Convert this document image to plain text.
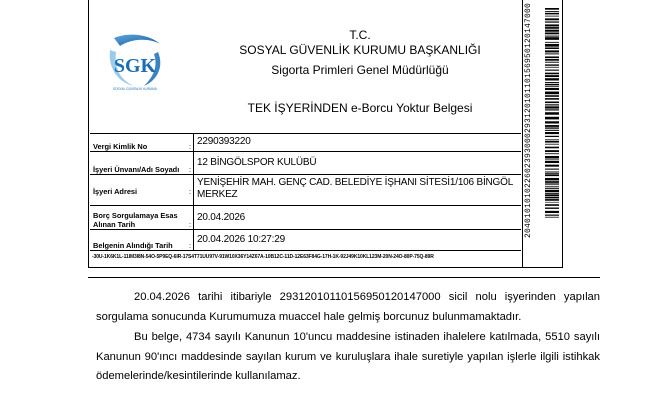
20401010102260239300029312010110156950120147000
SGK
SOSYAL GÜVENLİK KURUMU
T.C.
SOSYAL GÜVENLİK KURUMU BAŞKANLIĞI
Sigorta Primleri Genel Müdürlüğü
TEK İŞYERİNDEN e-Borcu Yoktur Belgesi
Vergi Kimlik No	: 2290393220
İşyeri Ünvanı/Adı Soyadı :
12 BİNGÖLSPOR KULÜBÜ
İşyeri Adresi	:
YENİŞEHİR MAH. GENÇ CAD. BELEDİYE İŞHANI SİTESİ1/106 BİNGÖL MERKEZ
Borç Sorgulamaya Esas Alınan Tarih	:
20.04.2026
Belgenin Alındığı Tarih :
20.04.2026 10:27:29
-30U-1K6K1L-11IM3I8N-54O-5P9EQ-6IR-17S4T71UU97V-91W10X36Y14Z67A-10B12C-11D-12E63F84G-17H-1K-92J49K10KL123M-20N-24O-80P-75Q-89R

20.04.2026 tarihi itibariyle 29312010110156950120147000 sicil nolu işyerinden yapılan sorgulama sonucunda Kurumumuza muaccel hale gelmiş borcunuz bulunmamaktadır.

Bu belge, 4734 sayılı Kanunun 10'uncu maddesine istinaden ihalelere katılmada, 5510 sayılı Kanunun 90'ıncı maddesinde sayılan kurum ve kuruluşlara ihale suretiyle yapılan işlerle ilgili istihkak ödemelerinde/kesintilerinde kullanılamaz.
